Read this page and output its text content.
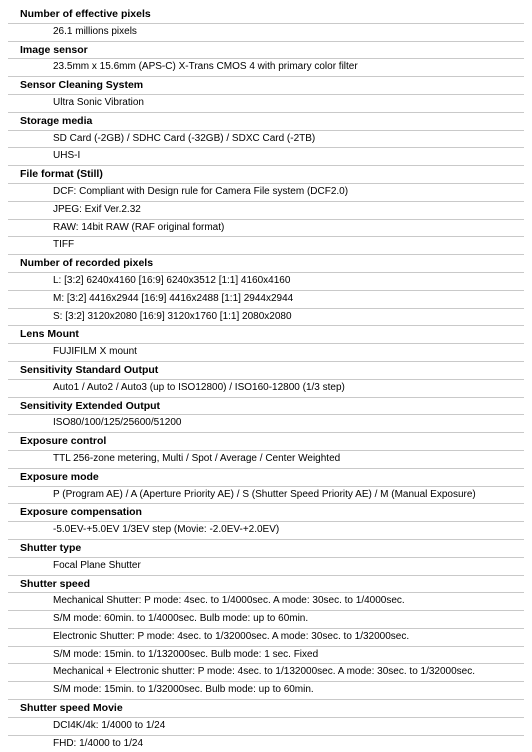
Number of effective pixels
26.1 millions pixels
Image sensor
23.5mm x 15.6mm (APS-C) X-Trans CMOS 4 with primary color filter
Sensor Cleaning System
Ultra Sonic Vibration
Storage media
SD Card (-2GB) / SDHC Card (-32GB) / SDXC Card (-2TB)
UHS-I
File format (Still)
DCF: Compliant with Design rule for Camera File system (DCF2.0)
JPEG: Exif Ver.2.32
RAW: 14bit RAW (RAF original format)
TIFF
Number of recorded pixels
L: [3:2] 6240x4160 [16:9] 6240x3512 [1:1] 4160x4160
M: [3:2] 4416x2944 [16:9] 4416x2488 [1:1] 2944x2944
S: [3:2] 3120x2080 [16:9] 3120x1760 [1:1] 2080x2080
Lens Mount
FUJIFILM X mount
Sensitivity Standard Output
Auto1 / Auto2 / Auto3 (up to ISO12800) / ISO160-12800 (1/3 step)
Sensitivity Extended Output
ISO80/100/125/25600/51200
Exposure control
TTL 256-zone metering, Multi / Spot / Average / Center Weighted
Exposure mode
P (Program AE) / A (Aperture Priority AE) / S (Shutter Speed Priority AE) / M (Manual Exposure)
Exposure compensation
-5.0EV-+5.0EV 1/3EV step (Movie: -2.0EV-+2.0EV)
Shutter type
Focal Plane Shutter
Shutter speed
Mechanical Shutter: P mode: 4sec. to 1/4000sec. A mode: 30sec. to 1/4000sec.
S/M mode: 60min. to 1/4000sec. Bulb mode: up to 60min.
Electronic Shutter: P mode: 4sec. to 1/32000sec. A mode: 30sec. to 1/32000sec.
S/M mode: 15min. to 1/132000sec. Bulb mode: 1 sec. Fixed
Mechanical + Electronic shutter: P mode: 4sec. to 1/132000sec. A mode: 30sec. to 1/32000sec.
S/M mode: 15min. to 1/32000sec. Bulb mode: up to 60min.
Shutter speed Movie
DCI4K/4k: 1/4000 to 1/24
FHD: 1/4000 to 1/24
